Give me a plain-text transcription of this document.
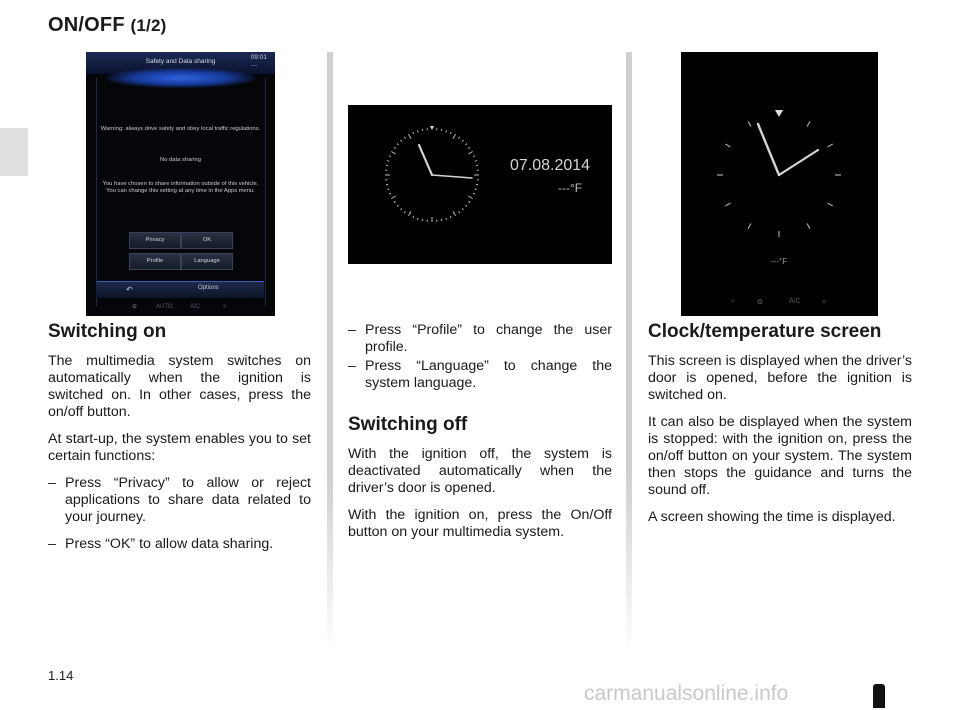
ON/OFF (1/2)
Safety and Data sharing
09:01
....
Warning: always drive safely and obey local traffic regulations.
No data sharing
You have chosen to share information outside of this vehicle. You can change this setting at any time in the Apps menu.
Privacy	OK
Profile	Language
↶	Options
✿	AUTO	A/C	⚛
07.08.2014
---°F
---°F
≈	✿	A/C	⚛
Switching on

The multimedia system switches on automatically when the ignition is switched on. In other cases, press the on/off button.

At start-up, the system enables you to set certain functions:

– Press “Privacy” to allow or reject applications to share data related to your journey.
– Press “OK” to allow data sharing.
– Press “Profile” to change the user profile.
– Press “Language” to change the system language.
Switching off

With the ignition off, the system is deactivated automatically when the driver’s door is opened.

With the ignition on, press the On/Off button on your multimedia system.

Clock/temperature screen

This screen is displayed when the driver’s door is opened, before the ignition is switched on.

It can also be displayed when the system is stopped: with the ignition on, press the on/off button on your system. The system then stops the guidance and turns the sound off.

A screen showing the time is displayed.

1.14
carmanualsonline.info
